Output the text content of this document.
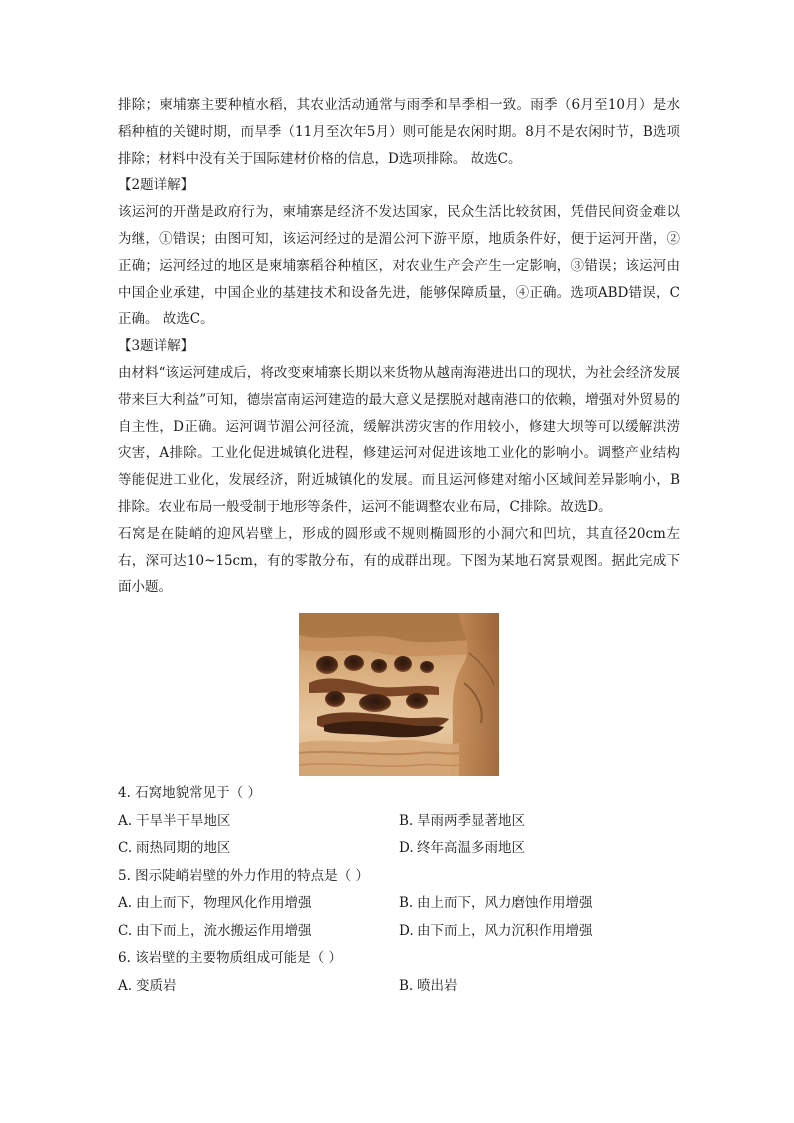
排除；柬埔寨主要种植水稻，其农业活动通常与雨季和旱季相一致。雨季（6月至10月）是水稻种植的关键时期，而旱季（11月至次年5月）则可能是农闲时期。8月不是农闲时节，B选项排除；材料中没有关于国际建材价格的信息，D选项排除。 故选C。

【2题详解】

该运河的开凿是政府行为，柬埔寨是经济不发达国家，民众生活比较贫困，凭借民间资金难以为继，①错误；由图可知，该运河经过的是湄公河下游平原，地质条件好，便于运河开凿，②正确；运河经过的地区是柬埔寨稻谷种植区，对农业生产会产生一定影响，③错误；该运河由中国企业承建，中国企业的基建技术和设备先进，能够保障质量，④正确。选项ABD错误，C正确。 故选C。

【3题详解】

由材料“该运河建成后，将改变柬埔寨长期以来货物从越南海港进出口的现状，为社会经济发展带来巨大利益”可知，德崇富南运河建造的最大意义是摆脱对越南港口的依赖，增强对外贸易的自主性，D正确。运河调节湄公河径流，缓解洪涝灾害的作用较小，修建大坝等可以缓解洪涝灾害，A排除。工业化促进城镇化进程，修建运河对促进该地工业化的影响小。调整产业结构等能促进工业化，发展经济，附近城镇化的发展。而且运河修建对缩小区域间差异影响小，B排除。农业布局一般受制于地形等条件，运河不能调整农业布局，C排除。故选D。

石窝是在陡峭的迎风岩壁上，形成的圆形或不规则椭圆形的小洞穴和凹坑，其直径20cm左右，深可达10~15cm，有的零散分布，有的成群出现。下图为某地石窝景观图。据此完成下面小题。

4. 石窝地貌常见于（ ）

A. 干旱半干旱地区	B. 旱雨两季显著地区
C. 雨热同期的地区	D. 终年高温多雨地区

5. 图示陡峭岩壁的外力作用的特点是（ ）

A. 由上而下，物理风化作用增强	B. 由上而下，风力磨蚀作用增强
C. 由下而上，流水搬运作用增强	D. 由下而上，风力沉积作用增强

6. 该岩壁的主要物质组成可能是（ ）

A. 变质岩	B. 喷出岩
